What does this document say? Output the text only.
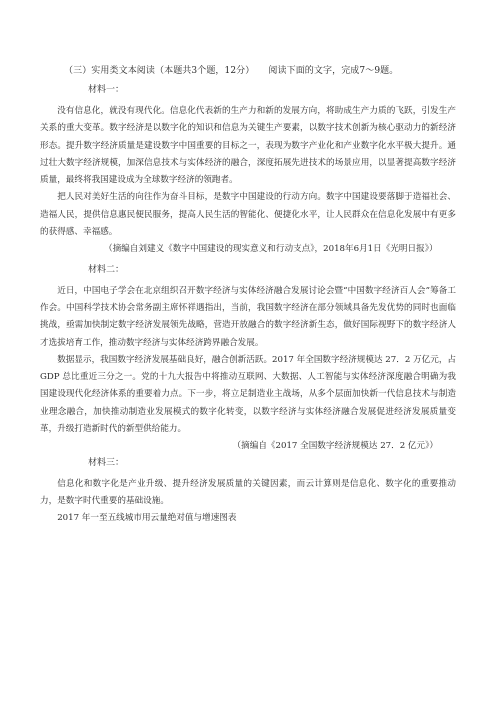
（三）实用类文本阅读（本题共3个题，12分） 阅读下面的文字，完成7～9题。
材料一：

没有信息化，就没有现代化。信息化代表新的生产力和新的发展方向，将助成生产力质的飞跃，引发生产关系的重大变革。数字经济是以数字化的知识和信息为关键生产要素，以数字技术创新为核心驱动力的新经济形态。提升数字经济质量是建设数字中国重要的目标之一，表现为数字产业化和产业数字化水平极大提升。通过壮大数字经济规模，加深信息技术与实体经济的融合，深度拓展先进技术的场景应用，以显著提高数字经济质量，最终将我国建设成为全球数字经济的领跑者。

把人民对美好生活的向往作为奋斗目标，是数字中国建设的行动方向。数字中国建设要落脚于造福社会、造福人民，提供信息惠民便民服务，提高人民生活的智能化、便捷化水平，让人民群众在信息化发展中有更多的获得感、幸福感。

（摘编自刘建义《数字中国建设的现实意义和行动支点》，2018年6月1日《光明日报》）

材料二：

近日，中国电子学会在北京组织召开数字经济与实体经济融合发展讨论会暨“中国数字经济百人会”筹备工作会。中国科学技术协会常务副主席怀祥遇指出，当前，我国数字经济在部分领域具备先发优势的同时也面临挑战，亟需加快制定数字经济发展领先战略，营造开放融合的数字经济新生态，做好国际视野下的数字经济人才选拔培育工作，推动数字经济与实体经济跨界融合发展。

数据显示，我国数字经济发展基础良好，融合创新活跃。2017 年全国数字经济规模达 27．2 万亿元，占 GDP 总比重近三分之一。党的十九大报告中将推动互联网、大数据、人工智能与实体经济深度融合明确为我国建设现代化经济体系的重要着力点。下一步，将立足制造业主战场，从多个层面加快新一代信息技术与制造业理念融合，加快推动制造业发展模式的数字化转变，以数字经济与实体经济融合发展促进经济发展质量变革，升级打造新时代的新型供给能力。

（摘编自《2017 全国数字经济规模达 27．2 亿元》）

材料三：

信息化和数字化是产业升级、提升经济发展质量的关键因素，而云计算则是信息化、数字化的重要推动力，是数字时代重要的基础设施。

2017 年一至五线城市用云量绝对值与增速图表
